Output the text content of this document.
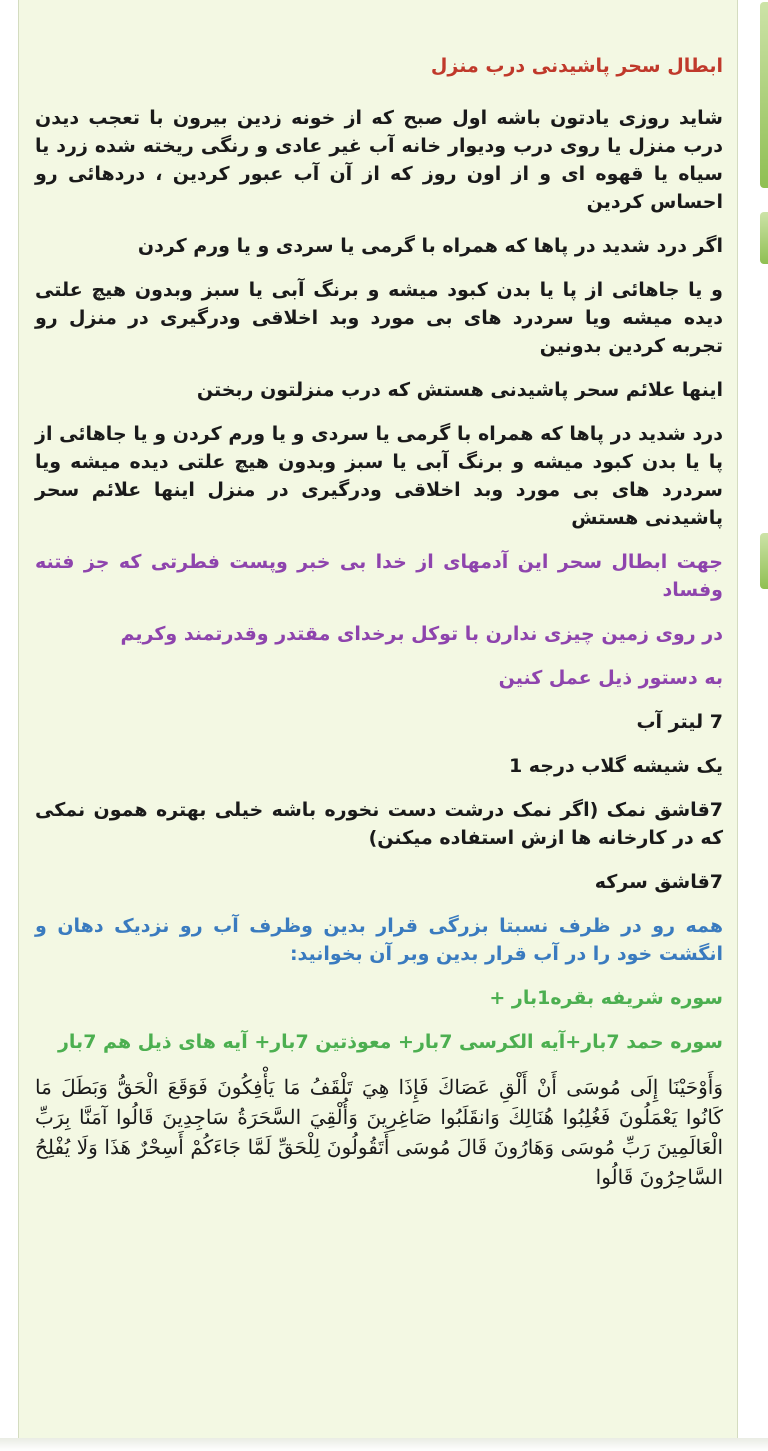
ابطال سحر پاشیدنی درب منزل

شاید روزی یادتون باشه اول صبح که از خونه زدین بیرون با تعجب دیدن درب منزل یا روی درب ودیوار خانه آب غیر عادی و رنگی ریخته شده زرد یا سیاه یا قهوه ای و از اون روز که از آن آب عبور کردین ، دردهائی رو احساس کردین

اگر درد شدید در پاها که همراه با گرمی یا سردی و یا ورم کردن

و یا جاهائی از پا یا بدن کبود میشه و برنگ آبی یا سبز وبدون هیچ علتی دیده میشه ویا سردرد های بی مورد وبد اخلاقی ودرگیری در منزل رو تجربه کردین بدونین

اینها علائم سحر پاشیدنی هستش که درب منزلتون ربختن

درد شدید در پاها که همراه با گرمی یا سردی و یا ورم کردن و یا جاهائی از پا یا بدن کبود میشه و برنگ آبی یا سبز وبدون هیچ علتی دیده میشه ویا سردرد های بی مورد وبد اخلاقی ودرگیری در منزل اینها علائم سحر پاشیدنی هستش

جهت ابطال سحر این آدمهای از خدا بی خبر وپست فطرتی که جز فتنه وفساد

در روی زمین چیزی ندارن با توکل برخدای مقتدر وقدرتمند وکریم

به دستور ذیل عمل کنین

7 لیتر آب

یک شیشه گلاب درجه 1

7قاشق نمک (اگر نمک درشت دست نخوره باشه خیلی بهتره همون نمکی که در کارخانه ها ازش استفاده میکنن)

7قاشق سرکه

همه رو در ظرف نسبتا بزرگی قرار بدین وظرف آب رو نزدیک دهان و انگشت خود را در آب قرار بدین وبر آن بخوانید:

سوره شریفه بقره1بار +

سوره حمد 7بار+آیه الکرسی 7بار+ معوذتین 7بار+ آیه های ذیل هم 7بار

وَأَوْحَيْنَا إِلَى مُوسَى أَنْ أَلْقِ عَصَاكَ فَإِذَا هِيَ تَلْقَفُ مَا يَأْفِكُونَ فَوَقَعَ الْحَقُّ وَبَطَلَ مَا كَانُوا يَعْمَلُونَ فَغُلِبُوا هُنَالِكَ وَانقَلَبُوا صَاغِرِينَ وَأُلْقِيَ السَّحَرَةُ سَاجِدِينَ قَالُوا آمَنَّا بِرَبِّ الْعَالَمِينَ رَبِّ مُوسَى وَهَارُونَ قَالَ مُوسَى أَتَقُولُونَ لِلْحَقِّ لَمَّا جَاءَكُمْ أَسِحْرٌ هَذَا وَلَا يُفْلِحُ السَّاحِرُونَ قَالُوا
